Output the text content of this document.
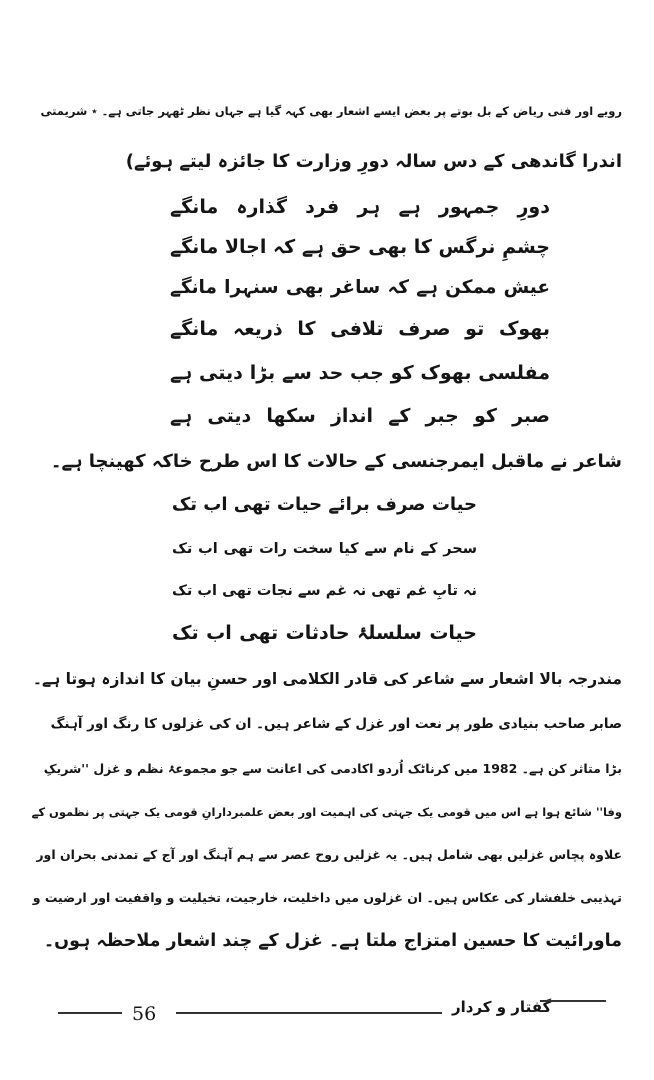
رویے اور فنی ریاض کے بل بوتے پر بعض ایسے اشعار بھی کہہ گیا ہے جہاں نظر ٹھہر جاتی ہے۔ ٭ شریمتی
اندرا گاندھی کے دس سالہ دورِ وزارت کا جائزہ لیتے ہوئے)
دورِ جمہور ہے ہر فرد گذارہ مانگے
چشمِ نرگس کا بھی حق ہے کہ اجالا مانگے
عیش ممکن ہے کہ ساغر بھی سنہرا مانگے
بھوک تو صرف تلافی کا ذریعہ مانگے
مفلسی بھوک کو جب حد سے بڑا دیتی ہے
صبر کو جبر کے انداز سکھا دیتی ہے
شاعر نے ماقبل ایمرجنسی کے حالات کا اس طرح خاکہ کھینچا ہے۔
حیات صرف برائے حیات تھی اب تک
سحر کے نام سے کیا سخت رات تھی اب تک
نہ تابِ غم تھی نہ غم سے نجات تھی اب تک
حیات سلسلۂ حادثات تھی اب تک
مندرجہ بالا اشعار سے شاعر کی قادر الکلامی اور حسنِ بیان کا اندازہ ہوتا ہے۔
صابر صاحب بنیادی طور پر نعت اور غزل کے شاعر ہیں۔ ان کی غزلوں کا رنگ اور آہنگ
بڑا متاثر کن ہے۔ 1982 میں کرناٹک اُردو اکادمی کی اعانت سے جو مجموعۂ نظم و غزل ''شریکِ
وفا'' شائع ہوا ہے اس میں قومی یک جہتی کی اہمیت اور بعض علمبردارانِ قومی یک جہتی پر نظموں کے
علاوہ پچاس غزلیں بھی شامل ہیں۔ یہ غزلیں روح عصر سے ہم آہنگ اور آج کے تمدنی بحران اور
تہذیبی خلفشار کی عکاس ہیں۔ ان غزلوں میں داخلیت، خارجیت، تخیلیت و واقفیت اور ارضیت و
ماورائیت کا حسین امتزاج ملتا ہے۔ غزل کے چند اشعار ملاحظہ ہوں۔
56	گفتار و کردار
